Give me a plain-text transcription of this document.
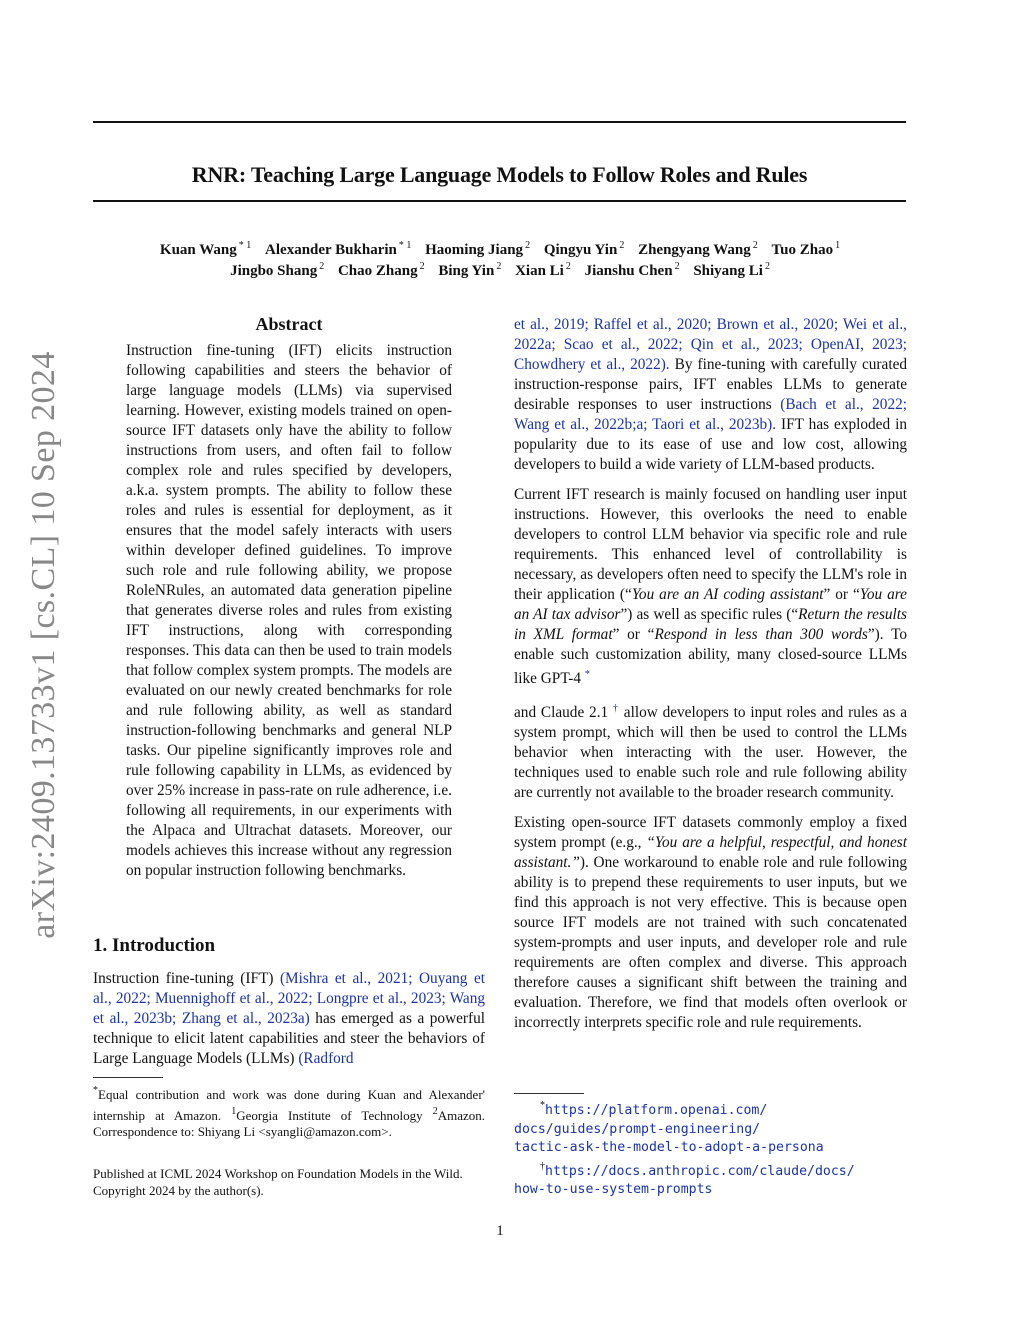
RNR: Teaching Large Language Models to Follow Roles and Rules
Kuan Wang $^{* 1}$ Alexander Bukharin $^{* 1}$ Haoming Jiang $^2$ Qingyu Yin $^2$ Zhengyang Wang $^2$ Tuo Zhao $^1$
Jingbo Shang $^2$ Chao Zhang $^2$ Bing Yin $^2$ Xian Li $^2$ Jianshu Chen $^2$ Shiyang Li $^2$
arXiv:2409.13733v1 [cs.CL] 10 Sep 2024
Abstract

Instruction fine-tuning (IFT) elicits instruction following capabilities and steers the behavior of large language models (LLMs) via supervised learning. However, existing models trained on open-source IFT datasets only have the ability to follow instructions from users, and often fail to follow complex role and rules specified by developers, a.k.a. system prompts. The ability to follow these roles and rules is essential for deployment, as it ensures that the model safely interacts with users within developer defined guidelines. To improve such role and rule following ability, we propose RoleNRules, an automated data generation pipeline that generates diverse roles and rules from existing IFT instructions, along with corresponding responses. This data can then be used to train models that follow complex system prompts. The models are evaluated on our newly created benchmarks for role and rule following ability, as well as standard instruction-following benchmarks and general NLP tasks. Our pipeline significantly improves role and rule following capability in LLMs, as evidenced by over 25% increase in pass-rate on rule adherence, i.e. following all requirements, in our experiments with the Alpaca and Ultrachat datasets. Moreover, our models achieves this increase without any regression on popular instruction following benchmarks.

1. Introduction

Instruction fine-tuning (IFT) (Mishra et al., 2021; Ouyang et al., 2022; Muennighoff et al., 2022; Longpre et al., 2023; Wang et al., 2023b; Zhang et al., 2023a) has emerged as a powerful technique to elicit latent capabilities and steer the behaviors of Large Language Models (LLMs) (Radford

*Equal contribution and work was done during Kuan and Alexander' internship at Amazon. $^1$Georgia Institute of Technology $^2$Amazon. Correspondence to: Shiyang Li <syangli@amazon.com>.

Published at ICML 2024 Workshop on Foundation Models in the Wild. Copyright 2024 by the author(s).

et al., 2019; Raffel et al., 2020; Brown et al., 2020; Wei et al., 2022a; Scao et al., 2022; Qin et al., 2023; OpenAI, 2023; Chowdhery et al., 2022). By fine-tuning with carefully curated instruction-response pairs, IFT enables LLMs to generate desirable responses to user instructions (Bach et al., 2022; Wang et al., 2022b;a; Taori et al., 2023b). IFT has exploded in popularity due to its ease of use and low cost, allowing developers to build a wide variety of LLM-based products.

Current IFT research is mainly focused on handling user input instructions. However, this overlooks the need to enable developers to control LLM behavior via specific role and rule requirements. This enhanced level of controllability is necessary, as developers often need to specify the LLM's role in their application (“You are an AI coding assistant” or “You are an AI tax advisor”) as well as specific rules (“Return the results in XML format” or “Respond in less than 300 words”). To enable such customization ability, many closed-source LLMs like GPT-4 *

and Claude 2.1 † allow developers to input roles and rules as a system prompt, which will then be used to control the LLMs behavior when interacting with the user. However, the techniques used to enable such role and rule following ability are currently not available to the broader research community.

Existing open-source IFT datasets commonly employ a fixed system prompt (e.g., “You are a helpful, respectful, and honest assistant.”). One workaround to enable role and rule following ability is to prepend these requirements to user inputs, but we find this approach is not very effective. This is because open source IFT models are not trained with such concatenated system-prompts and user inputs, and developer role and rule requirements are often complex and diverse. This approach therefore causes a significant shift between the training and evaluation. Therefore, we find that models often overlook or incorrectly interprets specific role and rule requirements.

*https://platform.openai.com/
docs/guides/prompt-engineering/
tactic-ask-the-model-to-adopt-a-persona
†https://docs.anthropic.com/claude/docs/
how-to-use-system-prompts
1
